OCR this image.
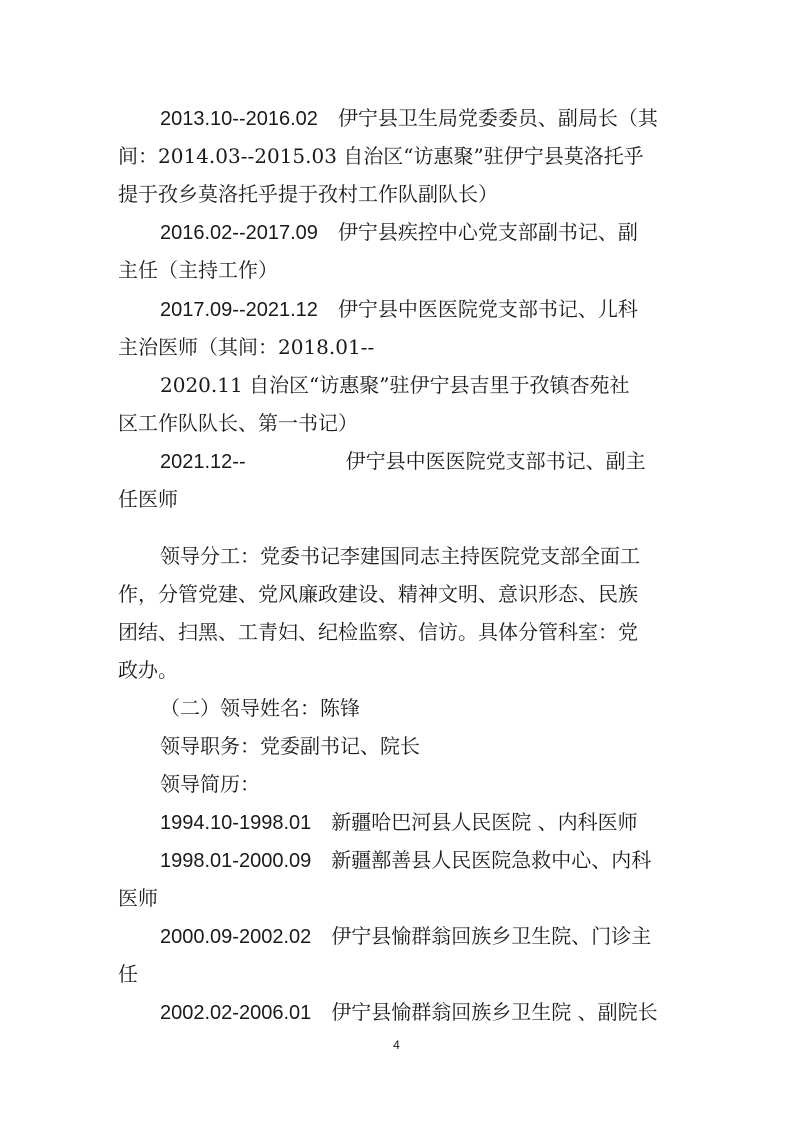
2013.10--2016.02　伊宁县卫生局党委委员、副局长（其
间：2014.03--2015.03 自治区“访惠聚”驻伊宁县莫洛托乎
提于孜乡莫洛托乎提于孜村工作队副队长）
2016.02--2017.09　伊宁县疾控中心党支部副书记、副
主任（主持工作）
2017.09--2021.12　伊宁县中医医院党支部书记、儿科
主治医师（其间：2018.01--
2020.11 自治区“访惠聚”驻伊宁县吉里于孜镇杏苑社
区工作队队长、第一书记）
2021.12--　　　　　伊宁县中医医院党支部书记、副主
任医师
领导分工：党委书记李建国同志主持医院党支部全面工
作，分管党建、党风廉政建设、精神文明、意识形态、民族
团结、扫黑、工青妇、纪检监察、信访。具体分管科室：党
政办。
（二）领导姓名：陈锋
领导职务：党委副书记、院长
领导简历：
1994.10-1998.01　新疆哈巴河县人民医院 、内科医师
1998.01-2000.09　新疆鄯善县人民医院急救中心、内科
医师
2000.09-2002.02　伊宁县愉群翁回族乡卫生院、门诊主
任
2002.02-2006.01　伊宁县愉群翁回族乡卫生院 、副院长
4
